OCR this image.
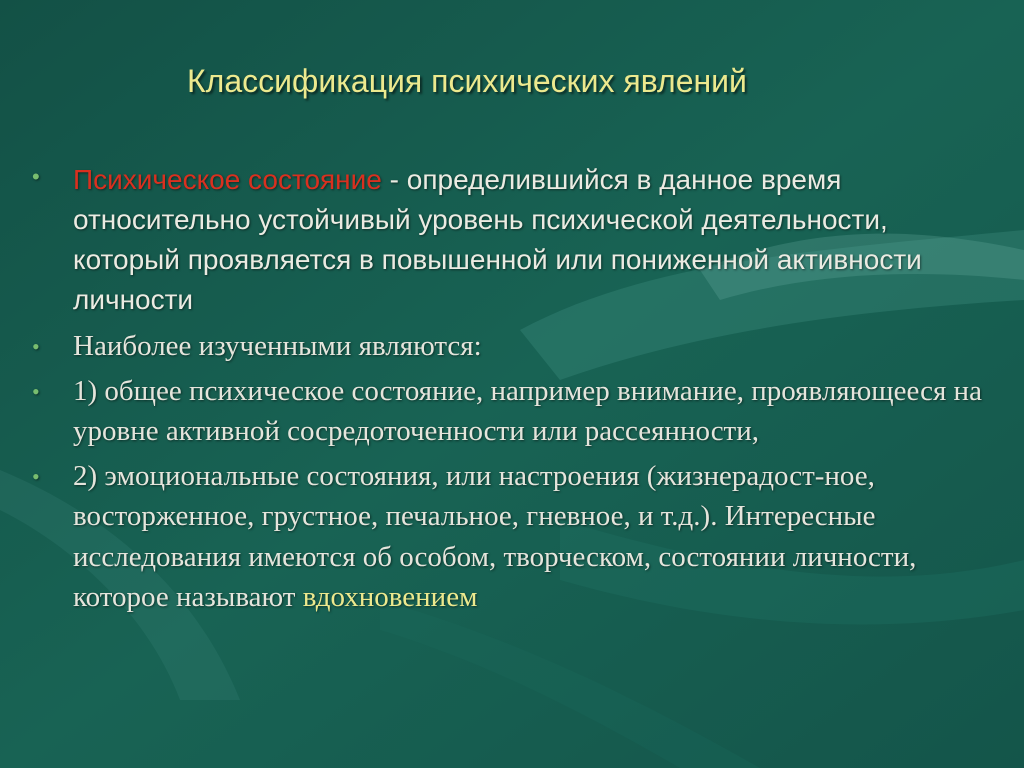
Классификация психических явлений
• Психическое состояние - определившийся в данное время относительно устойчивый уровень психической деятельности, который проявляется в повышенной или пониженной активности личности
• Наиболее изученными являются:
• 1) общее психическое состояние, например внимание, проявляющееся на уровне активной сосредоточенности или рассеянности,
• 2) эмоциональные состояния, или настроения (жизнерадост-ное, восторженное, грустное, печальное, гневное, и т.д.). Интересные исследования имеются об особом, творческом, состоянии личности, которое называют вдохновением
